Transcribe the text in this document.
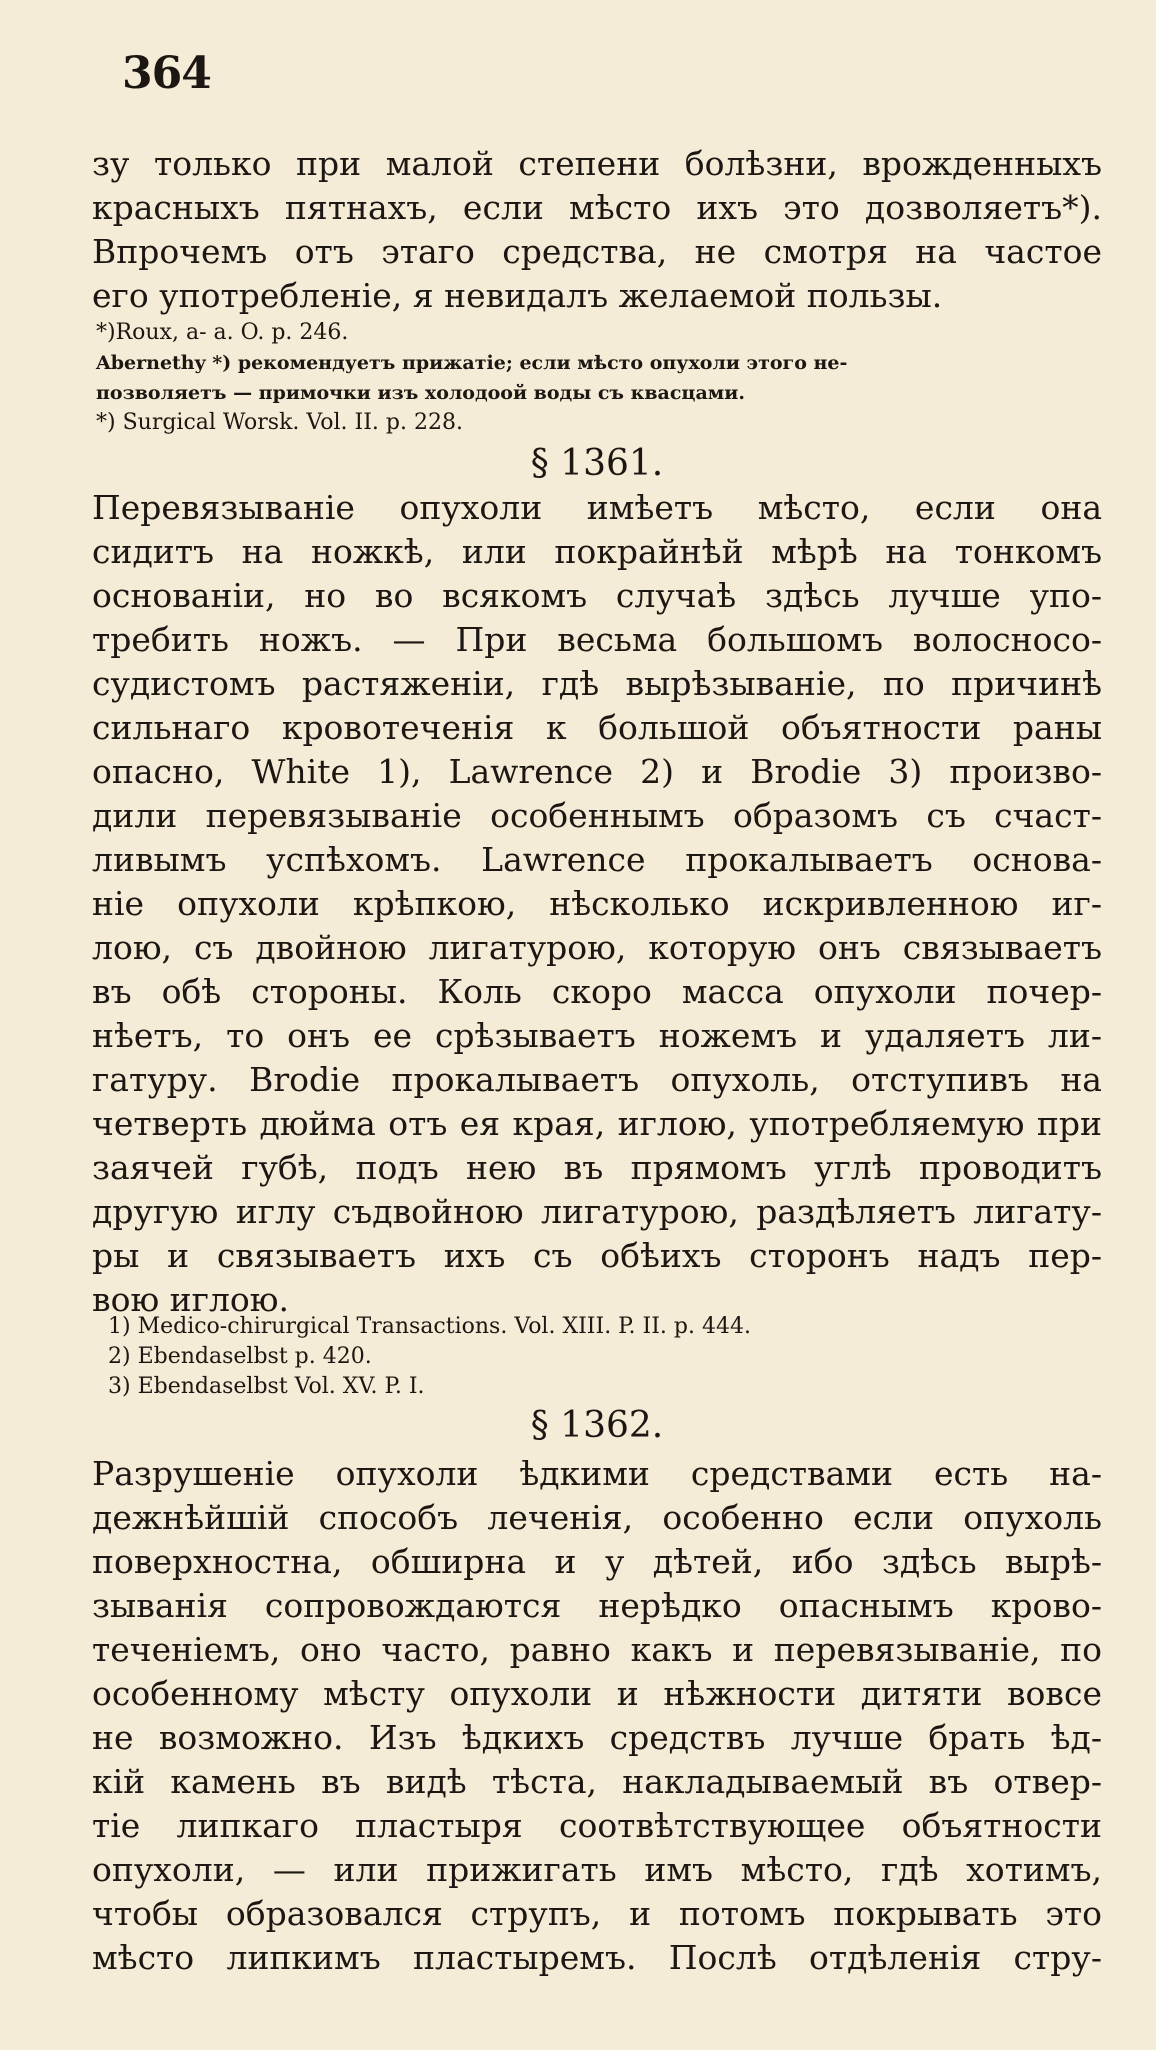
364
зу только при малой степени болѣзни, врожденныхъ
красныхъ пятнахъ, если мѣсто ихъ это дозволяетъ*).
Впрочемъ отъ этаго средства, не смотря на частое
его употребленіе, я невидалъ желаемой пользы.
*)Roux, a- a. O. p. 246.
Abernethy *) рекомендуетъ прижатіе; если мѣсто опухоли этого не-
позволяетъ — примочки изъ холодоой воды съ квасцами.
*) Surgical Worsk. Vol. II. p. 228.
§ 1361.
Перевязываніе опухоли имѣетъ мѣсто, если она
сидитъ на ножкѣ, или покрайнѣй мѣрѣ на тонкомъ
основаніи, но во всякомъ случаѣ здѣсь лучше упо-
требить ножъ. — При весьма большомъ волосносо-
судистомъ растяженіи, гдѣ вырѣзываніе, по причинѣ
сильнаго кровотеченія к большой объятности раны
опасно, White 1), Lawrence 2) и Brodie 3) произво-
дили перевязываніе особеннымъ образомъ съ счаст-
ливымъ успѣхомъ. Lawrence прокалываетъ основа-
ніе опухоли крѣпкою, нѣсколько искривленною иг-
лою, съ двойною лигатурою, которую онъ связываетъ
въ обѣ стороны. Коль скоро масса опухоли почер-
нѣетъ, то онъ ее срѣзываетъ ножемъ и удаляетъ ли-
гатуру. Brodie прокалываетъ опухоль, отступивъ на
четверть дюйма отъ ея края, иглою, употребляемую при
заячей губѣ, подъ нею въ прямомъ углѣ проводитъ
другую иглу съдвойною лигатурою, раздѣляетъ лигату-
ры и связываетъ ихъ съ обѣихъ сторонъ надъ пер-
вою иглою.
1) Medico-chirurgical Transactions. Vol. XIII. P. II. p. 444.
2) Ebendaselbst p. 420.
3) Ebendaselbst Vol. XV. P. I.
§ 1362.
Разрушеніе опухоли ѣдкими средствами есть на-
дежнѣйшій способъ леченія, особенно если опухоль
поверхностна, обширна и у дѣтей, ибо здѣсь вырѣ-
зыванія сопровождаются нерѣдко опаснымъ крово-
теченіемъ, оно часто, равно какъ и перевязываніе, по
особенному мѣсту опухоли и нѣжности дитяти вовсе
не возможно. Изъ ѣдкихъ средствъ лучше брать ѣд-
кій камень въ видѣ тѣста, накладываемый въ отвер-
тіе липкаго пластыря соотвѣтствующее объятности
опухоли, — или прижигать имъ мѣсто, гдѣ хотимъ,
чтобы образовался струпъ, и потомъ покрывать это
мѣсто липкимъ пластыремъ. Послѣ отдѣленія стру-
